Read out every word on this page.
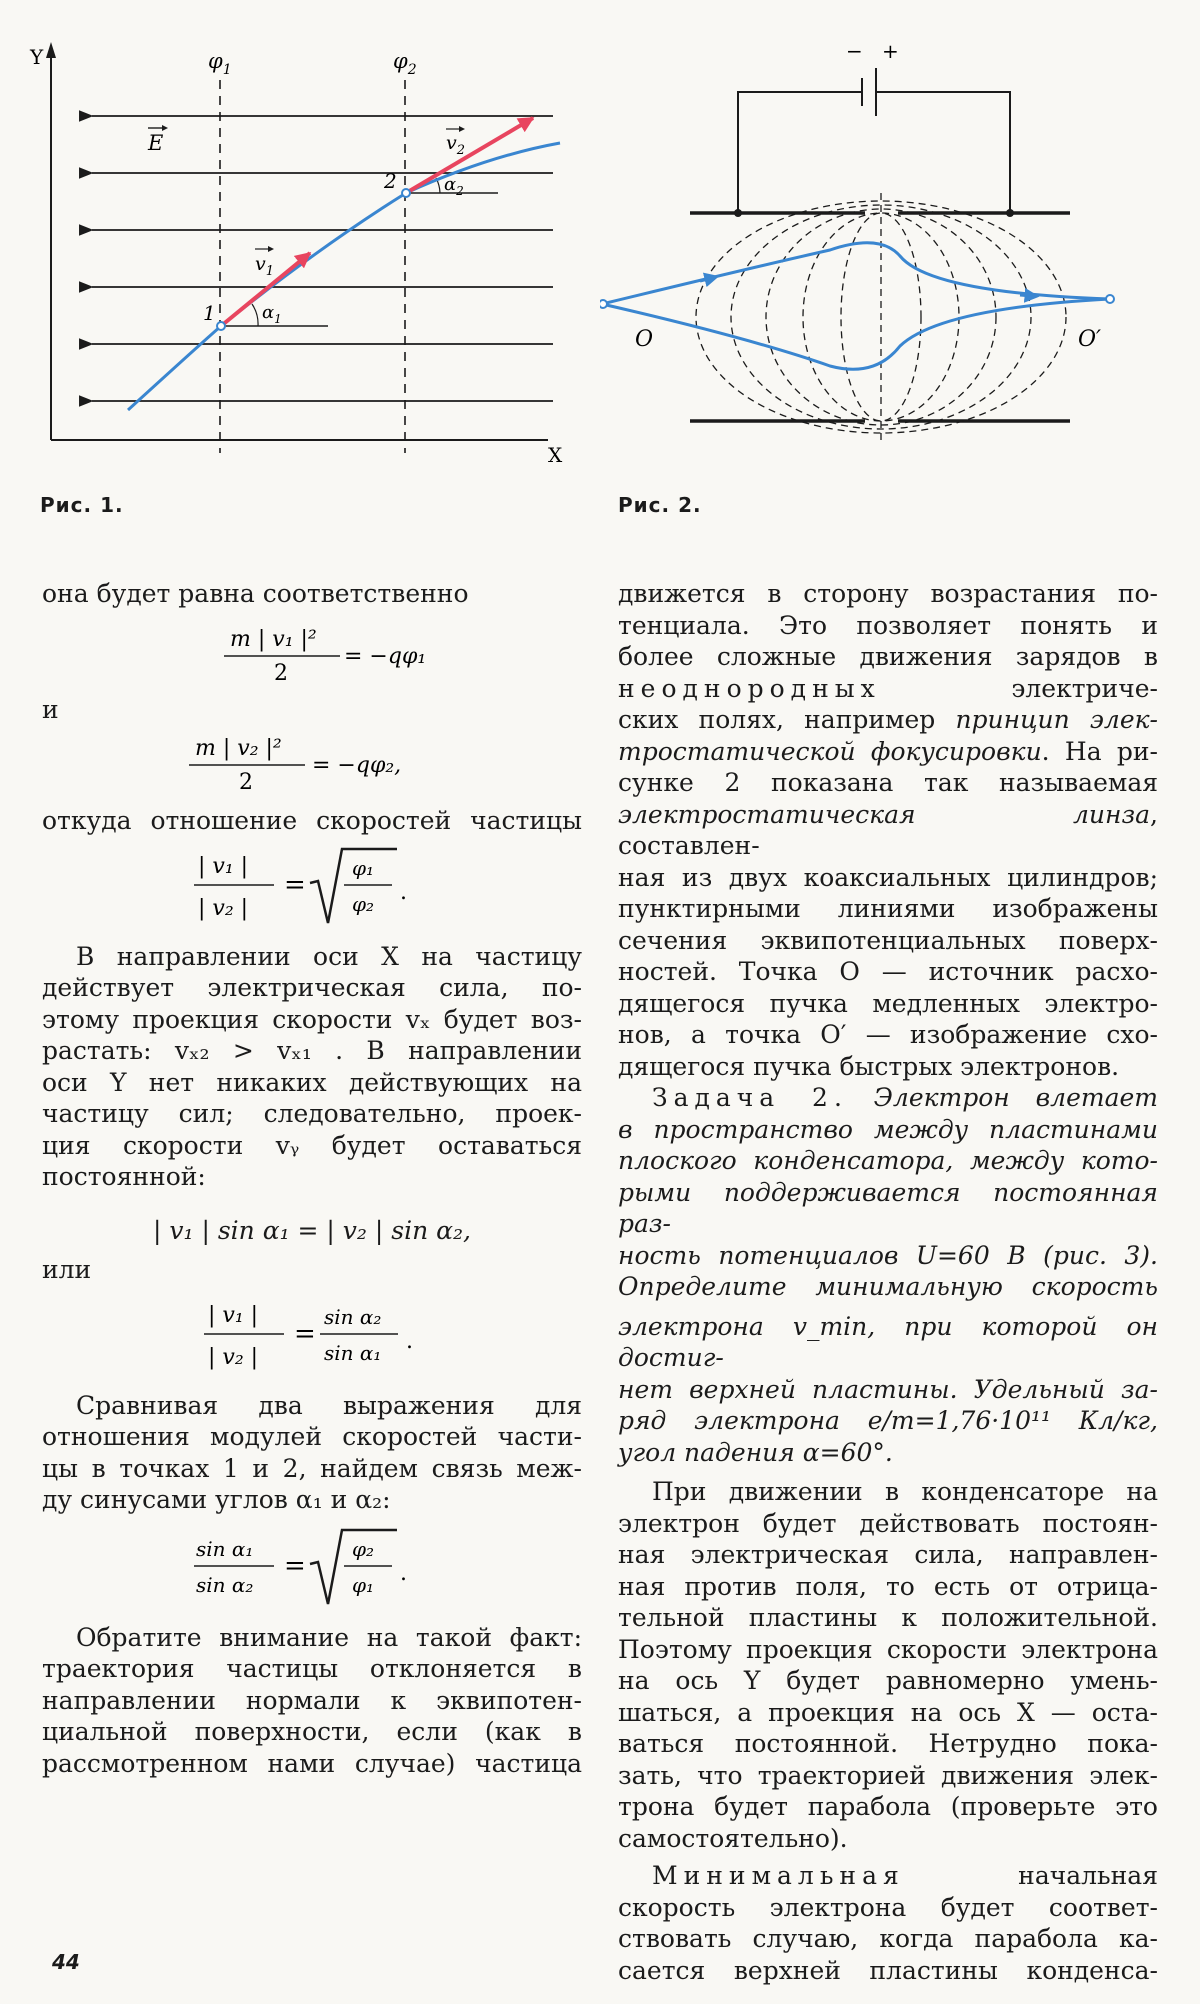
Y
X
$\varphi_1$	$\varphi_2$
E
1
2
$v_1$
$v_2$
$\alpha_1$
$\alpha_2$
Рис. 1.
− +
O	O′
Рис. 2.

она будет равна соответственно

m | v₁ |²
2
= −qφ₁

и

m | v₂ |²
2
= −qφ₂,

откуда отношение скоростей частицы

| v₁ |
| v₂ |
=
φ₁
φ₂ .

В направлении оси X на частицу

действует электрическая сила, по-

этому проекция скорости vₓ будет воз-

растать: vₓ₂ > vₓ₁ . В направлении

оси Y нет никаких действующих на

частицу сил; следовательно, проек-

ция скорости vᵧ будет оставаться

постоянной:

| v₁ | sin α₁ = | v₂ | sin α₂,

или

| v₁ |
| v₂ |
=
sin α₂
sin α₁ .

Сравнивая два выражения для

отношения модулей скоростей части-

цы в точках 1 и 2, найдем связь меж-

ду синусами углов α₁ и α₂:

sin α₁
sin α₂
=
φ₂
φ₁ .

Обратите внимание на такой факт:

траектория частицы отклоняется в

направлении нормали к эквипотен-

циальной поверхности, если (как в

рассмотренном нами случае) частица

движется в сторону возрастания по-

тенциала. Это позволяет понять и

более сложные движения зарядов в

неоднородных	электриче-

ских полях, например принцип элек-

тростатической фокусировки. На ри-

сунке 2 показана так называемая

электростатическая линза, составлен-

ная из двух коаксиальных цилиндров;

пунктирными линиями изображены

сечения эквипотенциальных поверх-

ностей. Точка O — источник расхо-

дящегося пучка медленных электро-

нов, а точка O′ — изображение схо-

дящегося пучка быстрых электронов.

Задача 2. Электрон влетает

в пространство между пластинами

плоского конденсатора, между кото-

рыми поддерживается постоянная раз-

ность потенциалов U=60 В (рис. 3).

Определите минимальную скорость

электрона v_min, при которой он достиг-

нет верхней пластины. Удельный за-

ряд электрона e/m=1,76·10¹¹ Кл/кг,

угол падения α=60°.

При движении в конденсаторе на

электрон будет действовать постоян-

ная электрическая сила, направлен-

ная против поля, то есть от отрица-

тельной пластины к положительной.

Поэтому проекция скорости электрона

на ось Y будет равномерно умень-

шаться, а проекция на ось X — оста-

ваться постоянной. Нетрудно пока-

зать, что траекторией движения элек-

трона будет парабола (проверьте это

самостоятельно).

Минимальная	начальная

скорость электрона будет соответ-

ствовать случаю, когда парабола ка-

сается верхней пластины конденса-

44
